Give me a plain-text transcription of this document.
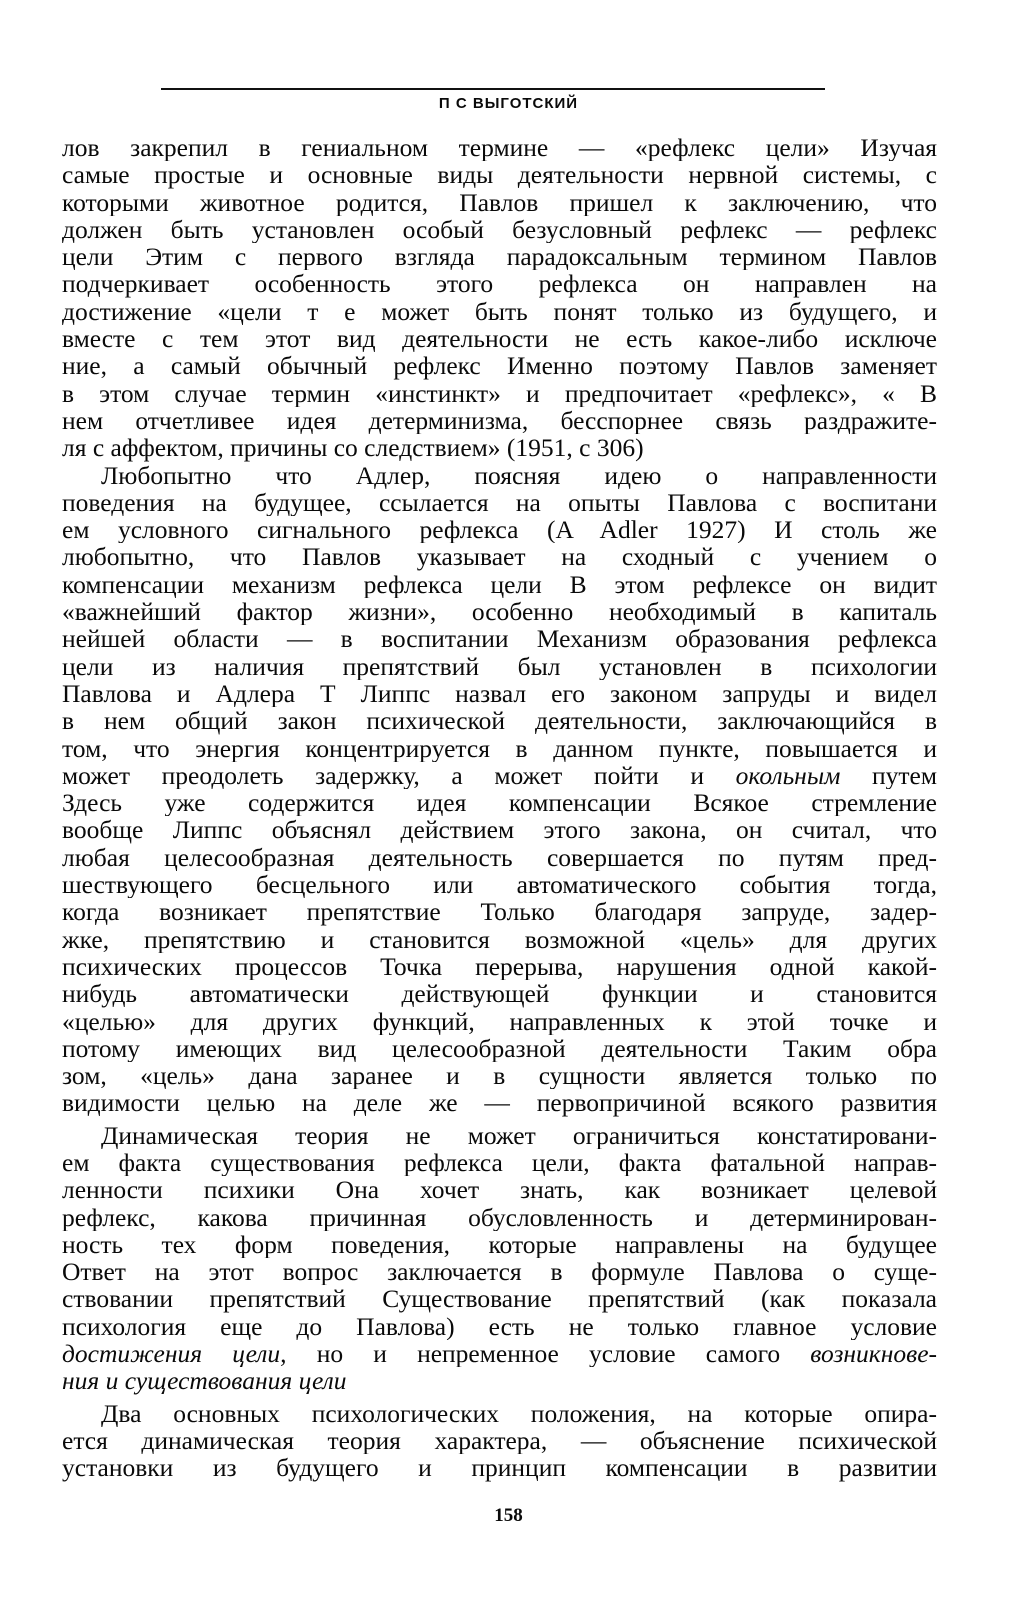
П С ВЫГОТСКИЙ
лов закрепил в гениальном термине — «рефлекс цели» Изучая
самые простые и основные виды деятельности нервной системы, с
которыми животное родится, Павлов пришел к заключению, что
должен быть установлен особый безусловный рефлекс — рефлекс
цели Этим с первого взгляда парадоксальным термином Павлов
подчеркивает особенность этого рефлекса он направлен на
достижение «цели т е может быть понят только из будущего, и
вместе с тем этот вид деятельности не есть какое-либо исключе
ние, а самый обычный рефлекс Именно поэтому Павлов заменяет
в этом случае термин «инстинкт» и предпочитает «рефлекс», « В
нем отчетливее идея детерминизма, бесспорнее связь раздражите-
ля с аффектом, причины со следствием» (1951, с 306)
Любопытно что Адлер, поясняя идею о направленности
поведения на будущее, ссылается на опыты Павлова с воспитани
ем условного сигнального рефлекса (A Adler 1927) И столь же
любопытно, что Павлов указывает на сходный с учением о
компенсации механизм рефлекса цели В этом рефлексе он видит
«важнейший фактор жизни», особенно необходимый в капиталь
нейшей области — в воспитании Механизм образования рефлекса
цели из наличия препятствий был установлен в психологии
Павлова и Адлера Т Липпс назвал его законом запруды и видел
в нем общий закон психической деятельности, заключающийся в
том, что энергия концентрируется в данном пункте, повышается и
может преодолеть задержку, а может пойти и окольным путем
Здесь уже содержится идея компенсации Всякое стремление
вообще Липпс объяснял действием этого закона, он считал, что
любая целесообразная деятельность совершается по путям пред-
шествующего бесцельного или автоматического события тогда,
когда возникает препятствие Только благодаря запруде, задер-
жке, препятствию и становится возможной «цель» для других
психических процессов Точка перерыва, нарушения одной какой-
нибудь автоматически действующей функции и становится
«целью» для других функций, направленных к этой точке и
потому имеющих вид целесообразной деятельности Таким обра
зом, «цель» дана заранее и в сущности является только по
видимости целью на деле же — первопричиной всякого развития
Динамическая теория не может ограничиться констатировани-
ем факта существования рефлекса цели, факта фатальной направ-
ленности психики Она хочет знать, как возникает целевой
рефлекс, какова причинная обусловленность и детерминирован-
ность тех форм поведения, которые направлены на будущее
Ответ на этот вопрос заключается в формуле Павлова о суще-
ствовании препятствий Существование препятствий (как показала
психология еще до Павлова) есть не только главное условие
достижения цели, но и непременное условие самого возникнове-
ния и существования цели
Два основных психологических положения, на которые опира-
ется динамическая теория характера, — объяснение психической
установки из будущего и принцип компенсации в развитии
158
